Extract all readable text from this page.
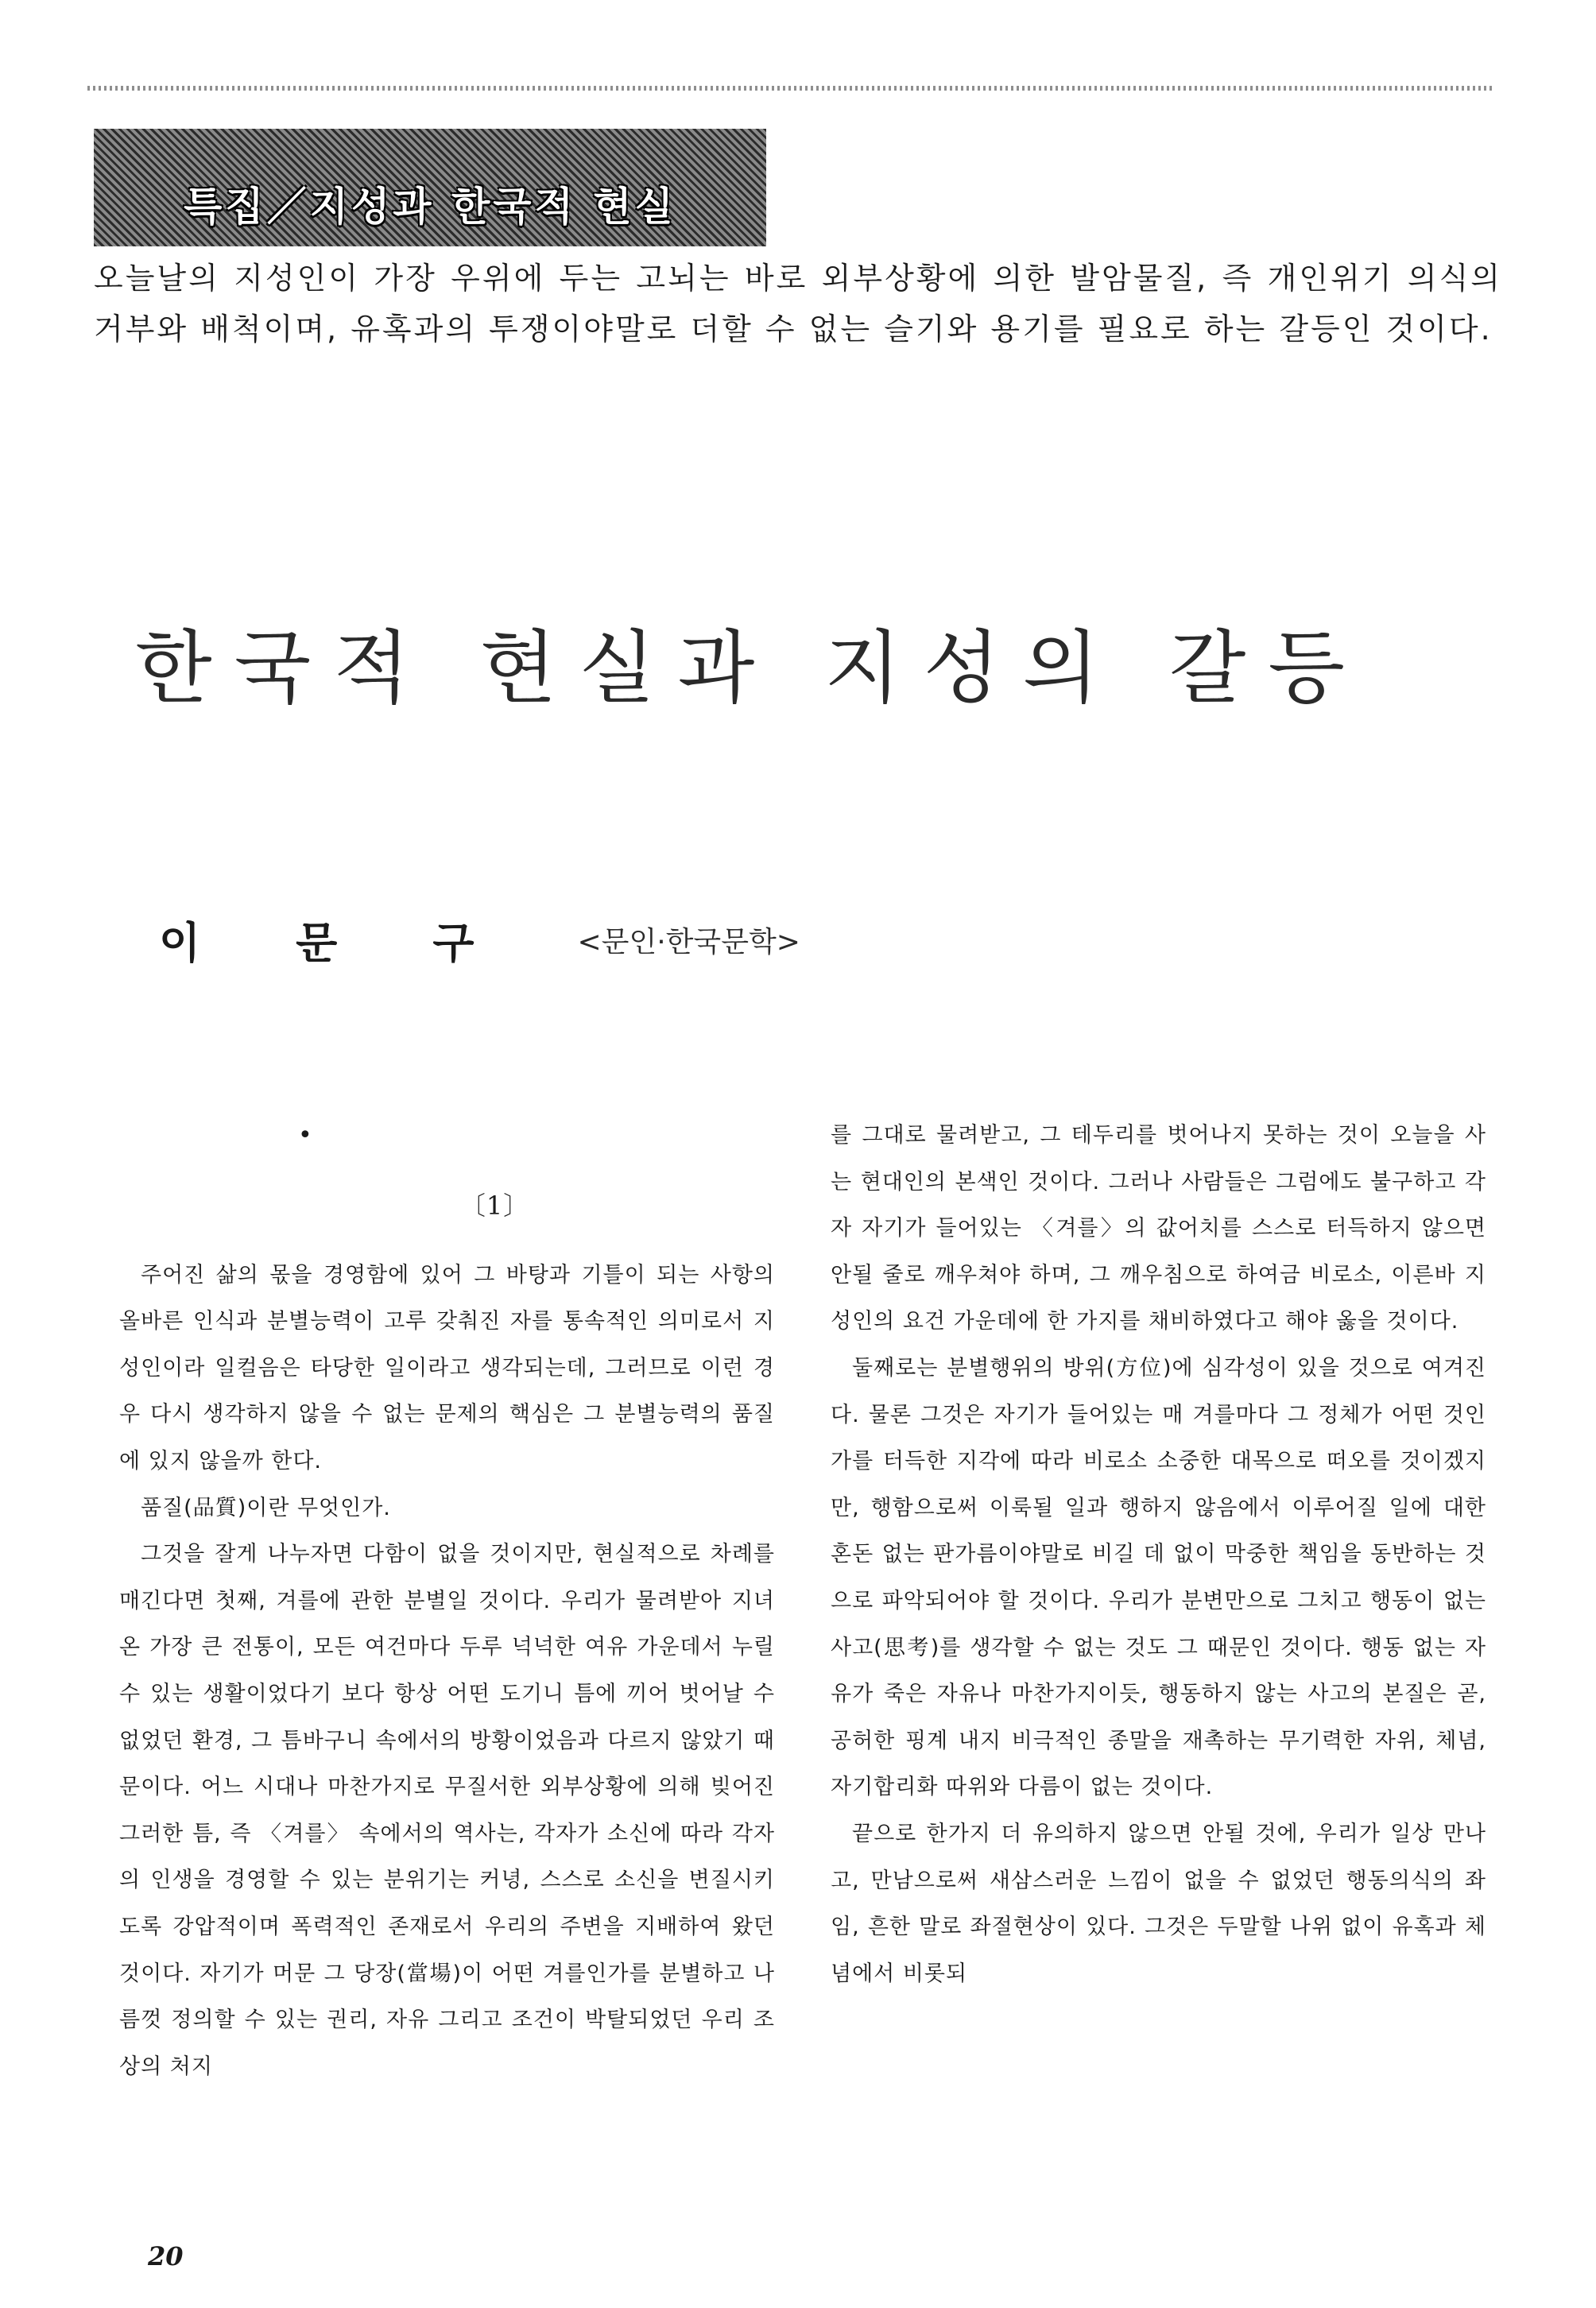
특집／지성과 한국적 현실

오늘날의 지성인이 가장 우위에 두는 고뇌는 바로 외부상황에 의한 발암물질, 즉 개인위기 의식의 거부와 배척이며, 유혹과의 투쟁이야말로 더할 수 없는 슬기와 용기를 필요로 하는 갈등인 것이다.

한국적 현실과 지성의 갈등
이문구 <문인·한국문학>
•
〔1〕

주어진 삶의 몫을 경영함에 있어 그 바탕과 기틀이 되는 사항의 올바른 인식과 분별능력이 고루 갖춰진 자를 통속적인 의미로서 지성인이라 일컬음은 타당한 일이라고 생각되는데, 그러므로 이런 경우 다시 생각하지 않을 수 없는 문제의 핵심은 그 분별능력의 품질에 있지 않을까 한다.

품질(品質)이란 무엇인가.

그것을 잘게 나누자면 다함이 없을 것이지만, 현실적으로 차례를 매긴다면 첫째, 겨를에 관한 분별일 것이다. 우리가 물려받아 지녀온 가장 큰 전통이, 모든 여건마다 두루 넉넉한 여유 가운데서 누릴 수 있는 생활이었다기 보다 항상 어떤 도기니 틈에 끼어 벗어날 수 없었던 환경, 그 틈바구니 속에서의 방황이었음과 다르지 않았기 때문이다. 어느 시대나 마찬가지로 무질서한 외부상황에 의해 빚어진 그러한 틈, 즉 〈겨를〉 속에서의 역사는, 각자가 소신에 따라 각자의 인생을 경영할 수 있는 분위기는 커녕, 스스로 소신을 변질시키도록 강압적이며 폭력적인 존재로서 우리의 주변을 지배하여 왔던 것이다. 자기가 머문 그 당장(當場)이 어떤 겨를인가를 분별하고 나름껏 정의할 수 있는 권리, 자유 그리고 조건이 박탈되었던 우리 조상의 처지

를 그대로 물려받고, 그 테두리를 벗어나지 못하는 것이 오늘을 사는 현대인의 본색인 것이다. 그러나 사람들은 그럼에도 불구하고 각자 자기가 들어있는 〈겨를〉의 값어치를 스스로 터득하지 않으면 안될 줄로 깨우쳐야 하며, 그 깨우침으로 하여금 비로소, 이른바 지성인의 요건 가운데에 한 가지를 채비하였다고 해야 옳을 것이다.

둘째로는 분별행위의 방위(方位)에 심각성이 있을 것으로 여겨진다. 물론 그것은 자기가 들어있는 매 겨를마다 그 정체가 어떤 것인가를 터득한 지각에 따라 비로소 소중한 대목으로 떠오를 것이겠지만, 행함으로써 이룩될 일과 행하지 않음에서 이루어질 일에 대한 혼돈 없는 판가름이야말로 비길 데 없이 막중한 책임을 동반하는 것으로 파악되어야 할 것이다. 우리가 분변만으로 그치고 행동이 없는 사고(思考)를 생각할 수 없는 것도 그 때문인 것이다. 행동 없는 자유가 죽은 자유나 마찬가지이듯, 행동하지 않는 사고의 본질은 곧, 공허한 핑계 내지 비극적인 종말을 재촉하는 무기력한 자위, 체념, 자기합리화 따위와 다름이 없는 것이다.

끝으로 한가지 더 유의하지 않으면 안될 것에, 우리가 일상 만나고, 만남으로써 새삼스러운 느낌이 없을 수 없었던 행동의식의 좌임, 흔한 말로 좌절현상이 있다. 그것은 두말할 나위 없이 유혹과 체념에서 비롯되

20
